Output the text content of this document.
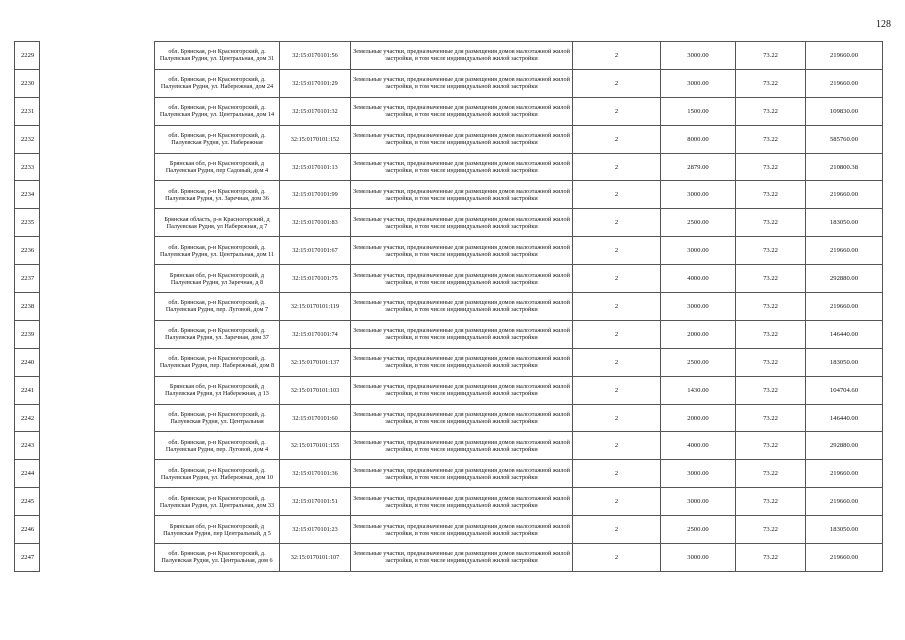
128
2229		обл. Брянская, р-н Красногорский, д. Палуевская Рудня, ул. Центральная, дом 31	32:15:0170101:56	Земельные участки, предназначенные для размещения домов малоэтажной жилой застройки, в том числе индивидуальной жилой застройки	2	3000.00	73.22	219660.00
2230		обл. Брянская, р-н Красногорский, д. Палуевская Рудня, ул. Набережная, дом 24	32:15:0170101:29	Земельные участки, предназначенные для размещения домов малоэтажной жилой застройки, в том числе индивидуальной жилой застройки	2	3000.00	73.22	219660.00
2231		обл. Брянская, р-н Красногорский, д. Палуевская Рудня, ул. Центральная, дом 14	32:15:0170101:32	Земельные участки, предназначенные для размещения домов малоэтажной жилой застройки, в том числе индивидуальной жилой застройки	2	1500.00	73.22	109830.00
2232		обл. Брянская, р-н Красногорский, д. Палуевская Рудня, ул. Набережная	32:15:0170101:152	Земельные участки, предназначенные для размещения домов малоэтажной жилой застройки, в том числе индивидуальной жилой застройки	2	8000.00	73.22	585760.00
2233		Брянская обл, р-н Красногорский, д Палуевская Рудня, пер Садовый, дом 4	32:15:0170101:13	Земельные участки, предназначенные для размещения домов малоэтажной жилой застройки, в том числе индивидуальной жилой застройки	2	2879.00	73.22	210800.38
2234		обл. Брянская, р-н Красногорский, д. Палуевская Рудня, ул. Заречная, дом 36	32:15:0170101:99	Земельные участки, предназначенные для размещения домов малоэтажной жилой застройки, в том числе индивидуальной жилой застройки	2	3000.00	73.22	219660.00
2235		Брянская область, р-н Красногорский, д Палуевская Рудня, ул Набережная, д 7	32:15:0170101:83	Земельные участки, предназначенные для размещения домов малоэтажной жилой застройки, в том числе индивидуальной жилой застройки	2	2500.00	73.22	183050.00
2236		обл. Брянская, р-н Красногорский, д. Палуевская Рудня, ул. Центральная, дом 11	32:15:0170101:67	Земельные участки, предназначенные для размещения домов малоэтажной жилой застройки, в том числе индивидуальной жилой застройки	2	3000.00	73.22	219660.00
2237		Брянская обл, р-н Красногорский, д Палуевская Рудня, ул Заречная, д 8	32:15:0170101:75	Земельные участки, предназначенные для размещения домов малоэтажной жилой застройки, в том числе индивидуальной жилой застройки	2	4000.00	73.22	292880.00
2238		обл. Брянская, р-н Красногорский, д. Палуевская Рудня, пер. Луговой, дом 7	32:15:0170101:119	Земельные участки, предназначенные для размещения домов малоэтажной жилой застройки, в том числе индивидуальной жилой застройки	2	3000.00	73.22	219660.00
2239		обл. Брянская, р-н Красногорский, д. Палуевская Рудня, ул. Заречная, дом 37	32:15:0170101:74	Земельные участки, предназначенные для размещения домов малоэтажной жилой застройки, в том числе индивидуальной жилой застройки	2	2000.00	73.22	146440.00
2240		обл. Брянская, р-н Красногорский, д. Палуевская Рудня, пер. Набережный, дом 8	32:15:0170101:137	Земельные участки, предназначенные для размещения домов малоэтажной жилой застройки, в том числе индивидуальной жилой застройки	2	2500.00	73.22	183050.00
2241		Брянская обл, р-н Красногорский, д Палуевская Рудня, ул Набережная, д 13	32:15:0170101:103	Земельные участки, предназначенные для размещения домов малоэтажной жилой застройки, в том числе индивидуальной жилой застройки	2	1430.00	73.22	104704.60
2242		обл. Брянская, р-н Красногорский, д. Палуевская Рудня, ул. Центральная	32:15:0170101:60	Земельные участки, предназначенные для размещения домов малоэтажной жилой застройки, в том числе индивидуальной жилой застройки	2	2000.00	73.22	146440.00
2243		обл. Брянская, р-н Красногорский, д. Палуевская Рудня, пер. Луговой, дом 4	32:15:0170101:155	Земельные участки, предназначенные для размещения домов малоэтажной жилой застройки, в том числе индивидуальной жилой застройки	2	4000.00	73.22	292880.00
2244		обл. Брянская, р-н Красногорский, д. Палуевская Рудня, ул. Набережная, дом 10	32:15:0170101:36	Земельные участки, предназначенные для размещения домов малоэтажной жилой застройки, в том числе индивидуальной жилой застройки	2	3000.00	73.22	219660.00
2245		обл. Брянская, р-н Красногорский, д. Палуевская Рудня, ул. Центральная, дом 33	32:15:0170101:51	Земельные участки, предназначенные для размещения домов малоэтажной жилой застройки, в том числе индивидуальной жилой застройки	2	3000.00	73.22	219660.00
2246		Брянская обл, р-н Красногорский, д Палуевская Рудня, пер Центральный, д 5	32:15:0170101:23	Земельные участки, предназначенные для размещения домов малоэтажной жилой застройки, в том числе индивидуальной жилой застройки	2	2500.00	73.22	183050.00
2247		обл. Брянская, р-н Красногорский, д. Палуевская Рудня, ул. Центральная, дом 6	32:15:0170101:107	Земельные участки, предназначенные для размещения домов малоэтажной жилой застройки, в том числе индивидуальной жилой застройки	2	3000.00	73.22	219660.00
